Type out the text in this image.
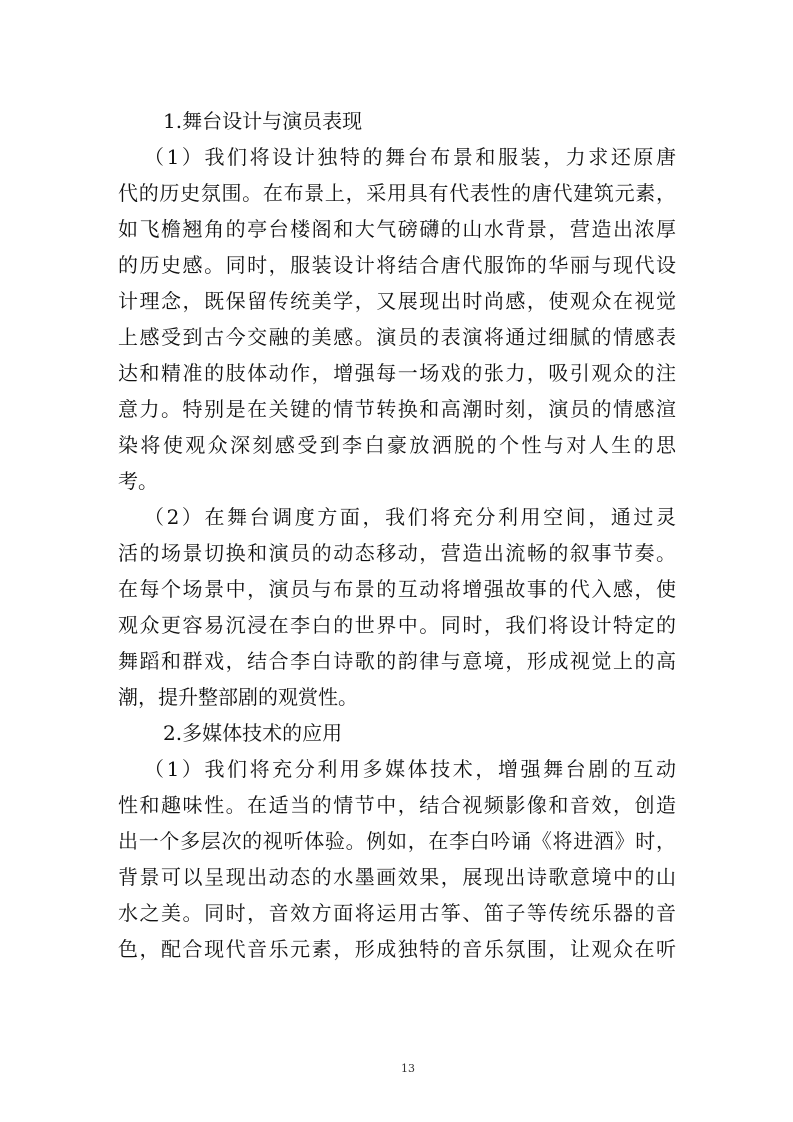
1.舞台设计与演员表现
（1）我们将设计独特的舞台布景和服装，力求还原唐
代的历史氛围。在布景上，采用具有代表性的唐代建筑元素，
如飞檐翘角的亭台楼阁和大气磅礴的山水背景，营造出浓厚
的历史感。同时，服装设计将结合唐代服饰的华丽与现代设
计理念，既保留传统美学，又展现出时尚感，使观众在视觉
上感受到古今交融的美感。演员的表演将通过细腻的情感表
达和精准的肢体动作，增强每一场戏的张力，吸引观众的注
意力。特别是在关键的情节转换和高潮时刻，演员的情感渲
染将使观众深刻感受到李白豪放洒脱的个性与对人生的思
考。
（2）在舞台调度方面，我们将充分利用空间，通过灵
活的场景切换和演员的动态移动，营造出流畅的叙事节奏。
在每个场景中，演员与布景的互动将增强故事的代入感，使
观众更容易沉浸在李白的世界中。同时，我们将设计特定的
舞蹈和群戏，结合李白诗歌的韵律与意境，形成视觉上的高
潮，提升整部剧的观赏性。
2.多媒体技术的应用
（1）我们将充分利用多媒体技术，增强舞台剧的互动
性和趣味性。在适当的情节中，结合视频影像和音效，创造
出一个多层次的视听体验。例如，在李白吟诵《将进酒》时，
背景可以呈现出动态的水墨画效果，展现出诗歌意境中的山
水之美。同时，音效方面将运用古筝、笛子等传统乐器的音
色，配合现代音乐元素，形成独特的音乐氛围，让观众在听
13
